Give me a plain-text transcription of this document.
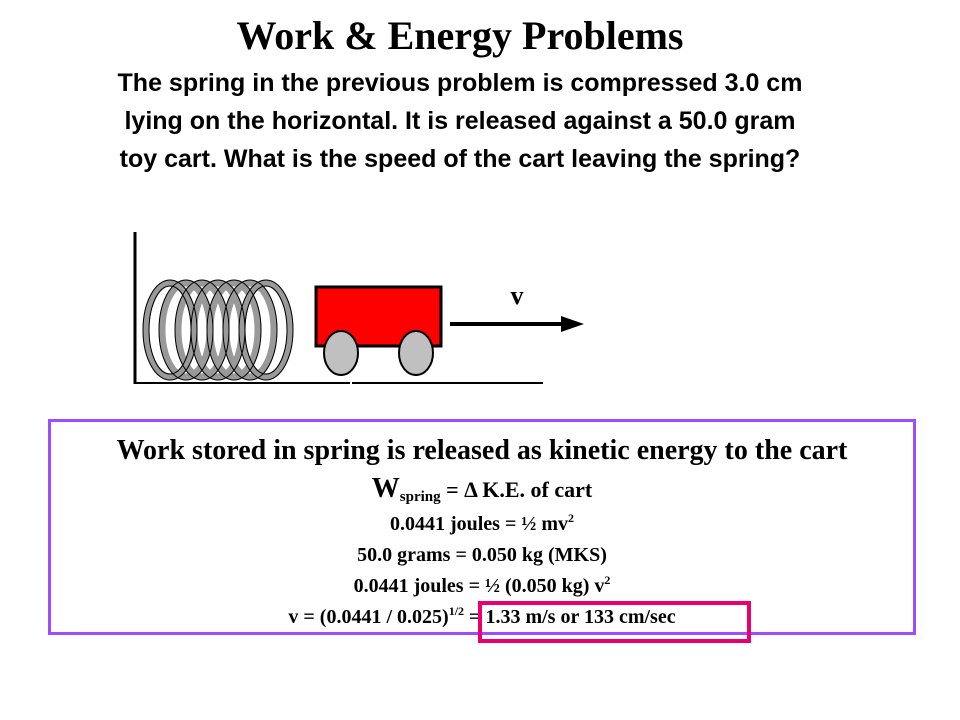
Work & Energy Problems
The spring in the previous problem is compressed 3.0 cm
lying on the horizontal. It is released against a 50.0 gram
toy cart. What is the speed of the cart leaving the spring?
v
Work stored in spring is released as kinetic energy to the cart
$W_{spring} = \Delta$ K.E. of cart
0.0441 joules = ½ $mv^2$
50.0 grams = 0.050 kg (MKS)
0.0441 joules = ½ (0.050 kg) $v^2$
v = (0.0441 / 0.025)$^{1/2}$ = 1.33 m/s or 133 cm/sec
